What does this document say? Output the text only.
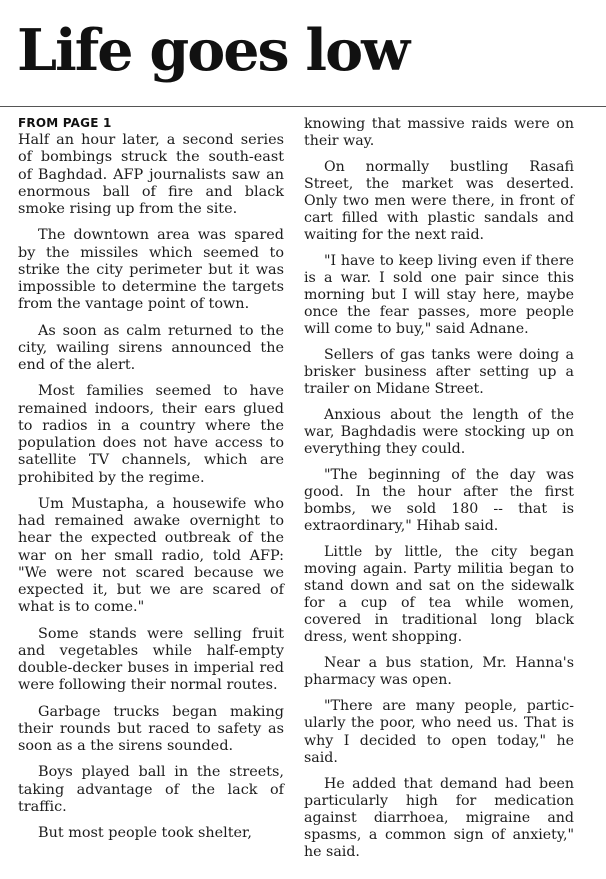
Life goes low
FROM PAGE 1

Half an hour later, a second series of bombings struck the south-east of Baghdad. AFP journalists saw an enormous ball of fire and black smoke rising up from the site.

The downtown area was spared by the missiles which seemed to strike the city perimeter but it was impossible to determine the targets from the vantage point of town.

As soon as calm returned to the city, wailing sirens announced the end of the alert.

Most families seemed to have remained indoors, their ears glued to radios in a country where the population does not have access to satellite TV channels, which are prohibited by the regime.

Um Mustapha, a housewife who had remained awake overnight to hear the expected outbreak of the war on her small radio, told AFP: "We were not scared because we expected it, but we are scared of what is to come."

Some stands were selling fruit and vegetables while half-empty double-decker buses in imperial red were following their normal routes.

Garbage trucks began making their rounds but raced to safety as soon as a the sirens sounded.

Boys played ball in the streets, taking advantage of the lack of traffic.

But most people took shelter,

knowing that massive raids were on their way.

On normally bustling Rasafi Street, the market was deserted. Only two men were there, in front of cart filled with plastic sandals and waiting for the next raid.

"I have to keep living even if there is a war. I sold one pair since this morning but I will stay here, maybe once the fear passes, more people will come to buy," said Adnane.

Sellers of gas tanks were doing a brisker business after setting up a trailer on Midane Street.

Anxious about the length of the war, Baghdadis were stocking up on everything they could.

"The beginning of the day was good. In the hour after the first bombs, we sold 180 -- that is extraordinary," Hihab said.

Little by little, the city began moving again. Party militia began to stand down and sat on the sidewalk for a cup of tea while women, covered in traditional long black dress, went shopping.

Near a bus station, Mr. Hanna's pharmacy was open.

"There are many people, particularly the poor, who need us. That is why I decided to open today," he said.

He added that demand had been particularly high for medication against diarrhoea, migraine and spasms, a common sign of anxiety," he said.
